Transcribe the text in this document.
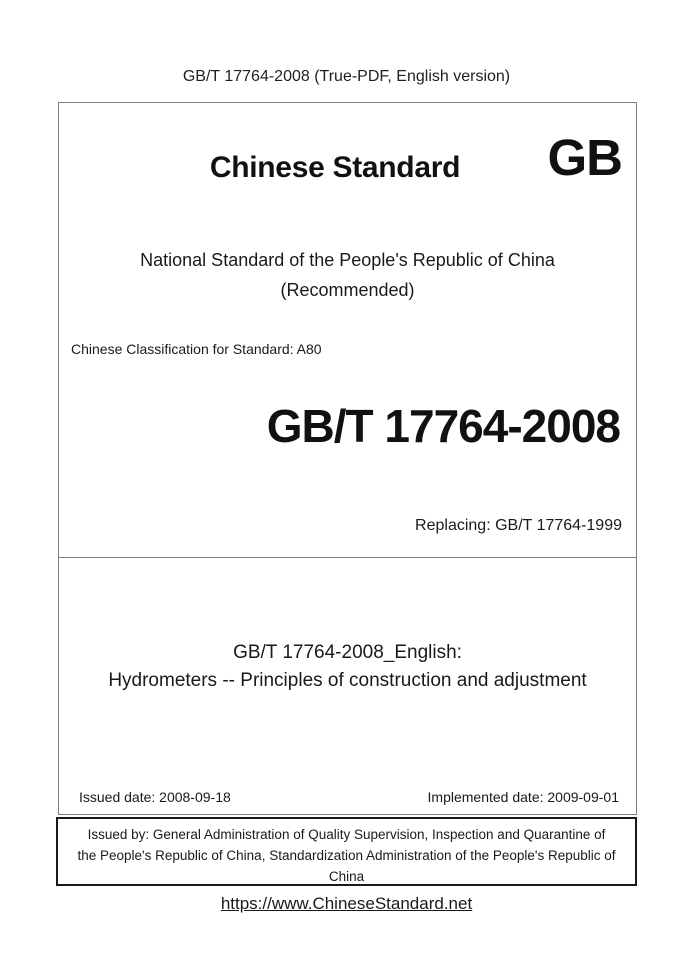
GB/T 17764-2008 (True-PDF, English version)
Chinese Standard	GB
National Standard of the People's Republic of China
(Recommended)
Chinese Classification for Standard: A80
GB/T 17764-2008
Replacing: GB/T 17764-1999
GB/T 17764-2008_English:
Hydrometers -- Principles of construction and adjustment
Issued date: 2008-09-18	Implemented date: 2009-09-01
Issued by: General Administration of Quality Supervision, Inspection and Quarantine of
the People's Republic of China, Standardization Administration of the People's Republic of
China
https://www.ChineseStandard.net
